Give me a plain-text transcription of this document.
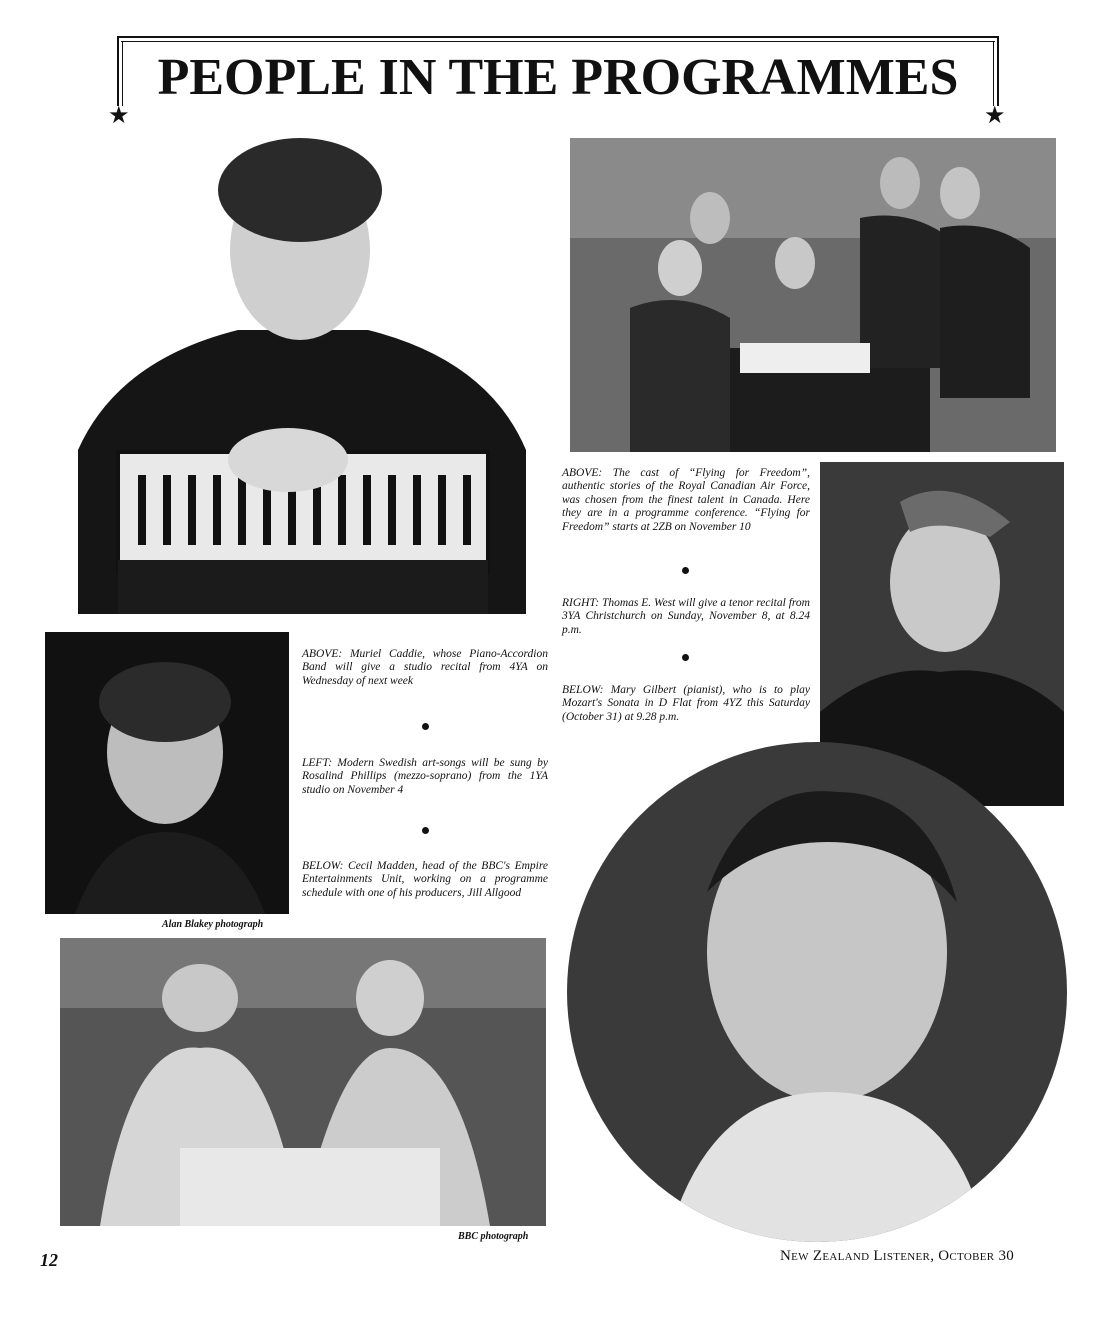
★	★
PEOPLE IN THE PROGRAMMES
ABOVE: The cast of “Flying for Freedom”, authentic stories of the Royal Canadian Air Force, was chosen from the finest talent in Canada. Here they are in a programme conference. “Flying for Freedom” starts at 2ZB on November 10
RIGHT: Thomas E. West will give a tenor recital from 3YA Christchurch on Sunday, November 8, at 8.24 p.m.
BELOW: Mary Gilbert (pianist), who is to play Mozart's Sonata in D Flat from 4YZ this Saturday (October 31) at 9.28 p.m.
Alan Blakey photograph
ABOVE: Muriel Caddie, whose Piano-Accordion Band will give a studio recital from 4YA on Wednesday of next week
LEFT: Modern Swedish art-songs will be sung by Rosalind Phillips (mezzo-soprano) from the 1YA studio on November 4
BELOW: Cecil Madden, head of the BBC's Empire Entertainments Unit, working on a programme schedule with one of his producers, Jill Allgood
BBC photograph
12	New Zealand Listener, October 30
